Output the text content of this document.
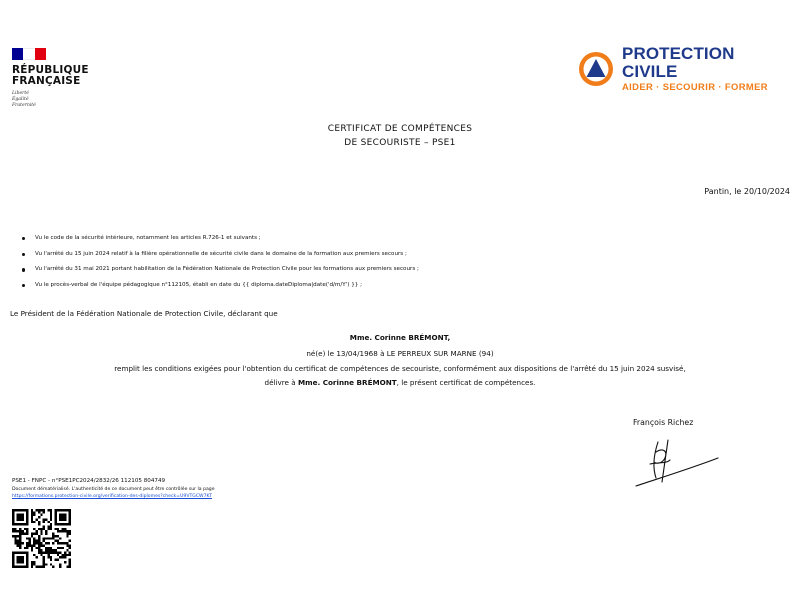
RÉPUBLIQUE
FRANÇAISE
Liberté
Égalité
Fraternité
PROTECTION CIVILE
AIDER · SECOURIR · FORMER
CERTIFICAT DE COMPÉTENCES
DE SECOURISTE – PSE1
Pantin, le 20/10/2024
Vu le code de la sécurité intérieure, notamment les articles R.726-1 et suivants ;
Vu l'arrêté du 15 juin 2024 relatif à la filière opérationnelle de sécurité civile dans le domaine de la formation aux premiers secours ;
Vu l'arrêté du 31 mai 2021 portant habilitation de la Fédération Nationale de Protection Civile pour les formations aux premiers secours ;
Vu le procès-verbal de l'équipe pédagogique n°112105, établi en date du {{ diploma.dateDiploma|date('d/m/Y') }} ;
Le Président de la Fédération Nationale de Protection Civile, déclarant que
Mme. Corinne BRÉMONT,
né(e) le 13/04/1968 à LE PERREUX SUR MARNE (94)
remplit les conditions exigées pour l'obtention du certificat de compétences de secouriste, conformément aux dispositions de l'arrêté du 15 juin 2024 susvisé,
délivre à Mme. Corinne BRÉMONT, le présent certificat de compétences.
François Richez
PSE1 - FNPC - n°PSE1PC2024/2832/26 112105 804749
Document dématérialisé. L'authenticité de ce document peut être contrôlée sur la page
https://formations.protection-civile.org/verification-des-diplomes?check=U9VTGCW7KT
